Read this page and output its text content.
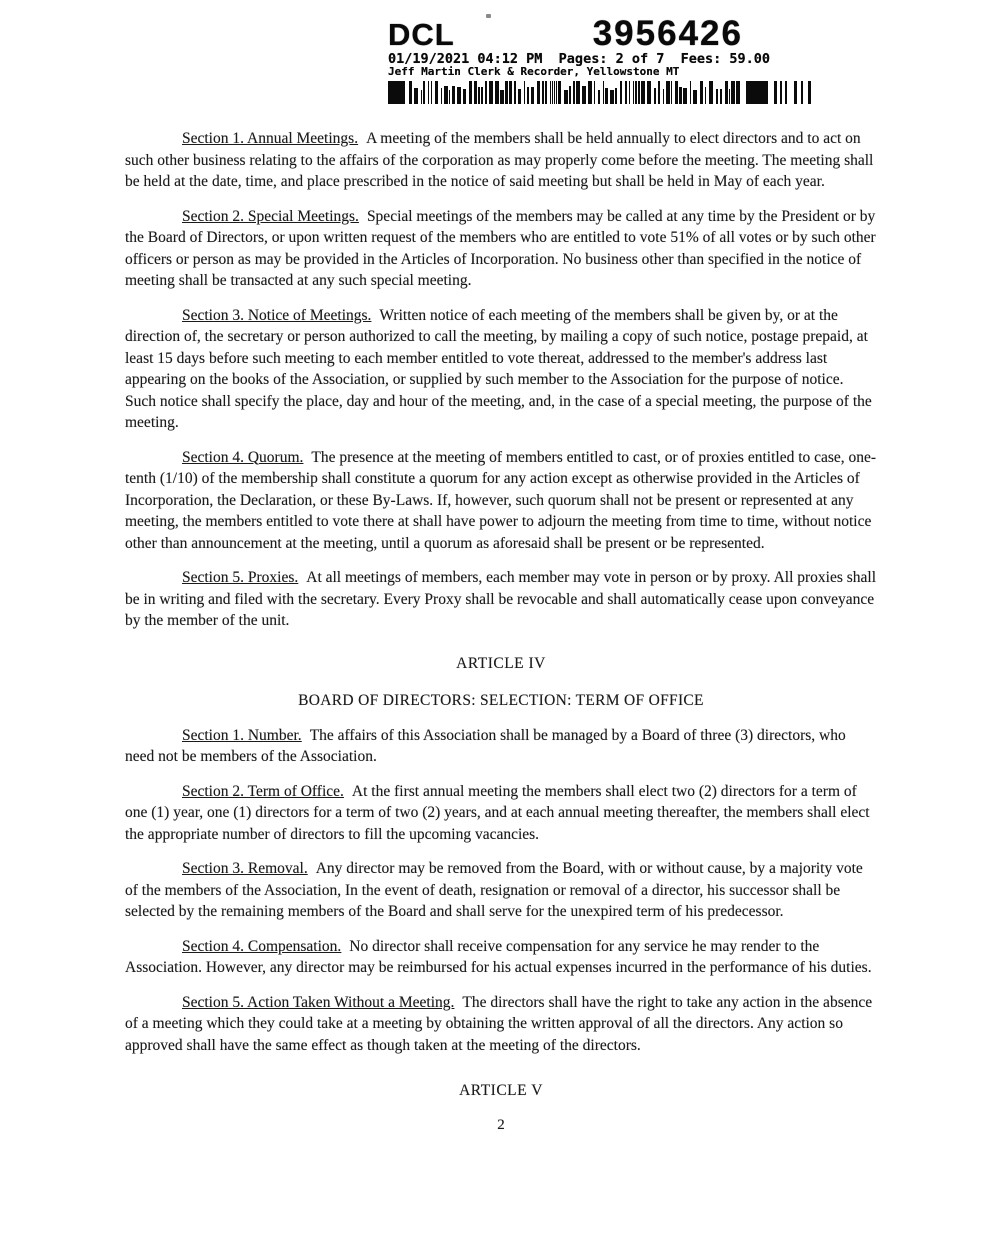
DCL	3956426
01/19/2021 04:12 PM  Pages: 2 of 7  Fees: 59.00
Jeff Martin Clerk & Recorder, Yellowstone MT

Section 1. Annual Meetings. A meeting of the members shall be held annually to elect directors and to act on such other business relating to the affairs of the corporation as may properly come before the meeting. The meeting shall be held at the date, time, and place prescribed in the notice of said meeting but shall be held in May of each year.

Section 2. Special Meetings. Special meetings of the members may be called at any time by the President or by the Board of Directors, or upon written request of the members who are entitled to vote 51% of all votes or by such other officers or person as may be provided in the Articles of Incorporation. No business other than specified in the notice of meeting shall be transacted at any such special meeting.

Section 3. Notice of Meetings. Written notice of each meeting of the members shall be given by, or at the direction of, the secretary or person authorized to call the meeting, by mailing a copy of such notice, postage prepaid, at least 15 days before such meeting to each member entitled to vote thereat, addressed to the member's address last appearing on the books of the Association, or supplied by such member to the Association for the purpose of notice. Such notice shall specify the place, day and hour of the meeting, and, in the case of a special meeting, the purpose of the meeting.

Section 4. Quorum. The presence at the meeting of members entitled to cast, or of proxies entitled to case, one-tenth (1/10) of the membership shall constitute a quorum for any action except as otherwise provided in the Articles of Incorporation, the Declaration, or these By-Laws. If, however, such quorum shall not be present or represented at any meeting, the members entitled to vote there at shall have power to adjourn the meeting from time to time, without notice other than announcement at the meeting, until a quorum as aforesaid shall be present or be represented.

Section 5. Proxies. At all meetings of members, each member may vote in person or by proxy. All proxies shall be in writing and filed with the secretary. Every Proxy shall be revocable and shall automatically cease upon conveyance by the member of the unit.

ARTICLE IV
BOARD OF DIRECTORS: SELECTION: TERM OF OFFICE

Section 1. Number. The affairs of this Association shall be managed by a Board of three (3) directors, who need not be members of the Association.

Section 2. Term of Office. At the first annual meeting the members shall elect two (2) directors for a term of one (1) year, one (1) directors for a term of two (2) years, and at each annual meeting thereafter, the members shall elect the appropriate number of directors to fill the upcoming vacancies.

Section 3. Removal. Any director may be removed from the Board, with or without cause, by a majority vote of the members of the Association, In the event of death, resignation or removal of a director, his successor shall be selected by the remaining members of the Board and shall serve for the unexpired term of his predecessor.

Section 4. Compensation. No director shall receive compensation for any service he may render to the Association. However, any director may be reimbursed for his actual expenses incurred in the performance of his duties.

Section 5. Action Taken Without a Meeting. The directors shall have the right to take any action in the absence of a meeting which they could take at a meeting by obtaining the written approval of all the directors. Any action so approved shall have the same effect as though taken at the meeting of the directors.

ARTICLE V
2
